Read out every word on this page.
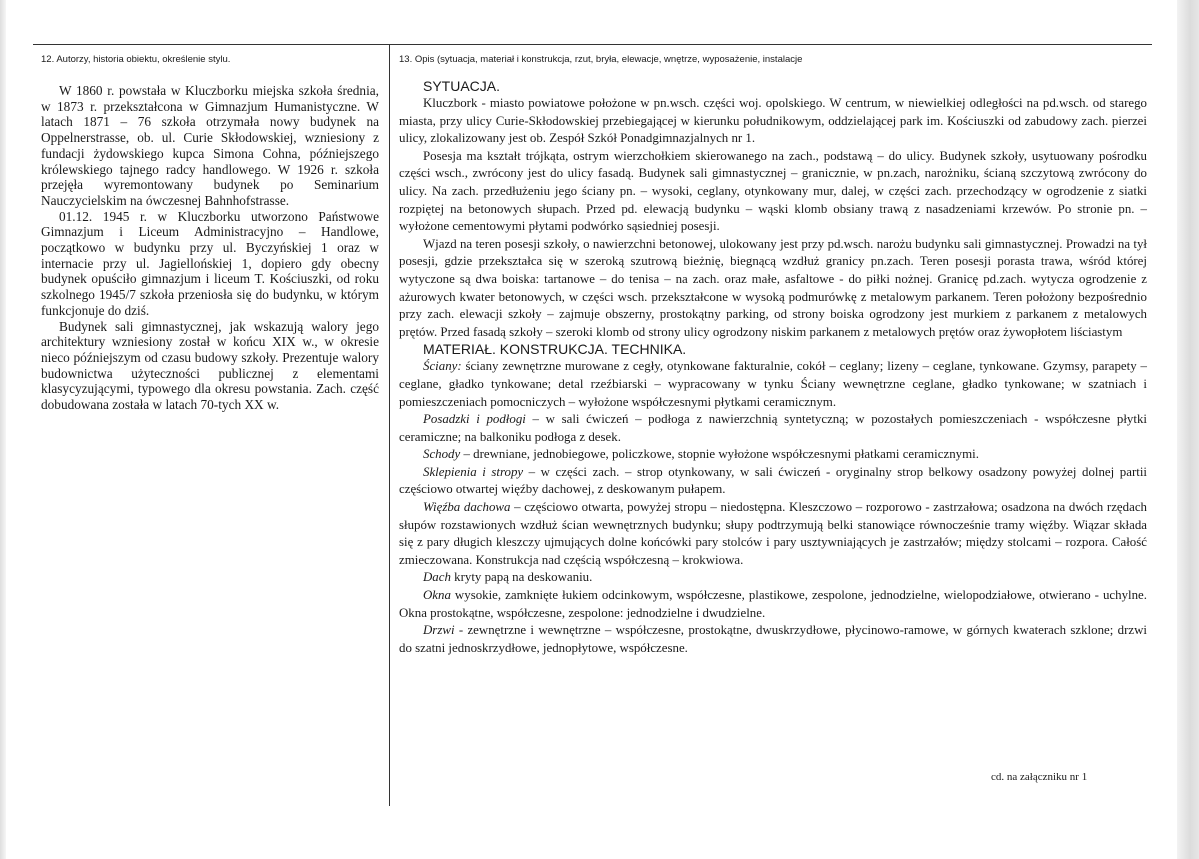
12. Autorzy, historia obiektu, określenie stylu.

W 1860 r. powstała w Kluczborku miejska szkoła średnia, w 1873 r. przekształcona w Gimnazjum Humanistyczne. W latach 1871 – 76 szkoła otrzymała nowy budynek na Oppelnerstrasse, ob. ul. Curie Skłodowskiej, wzniesiony z fundacji żydowskiego kupca Simona Cohna, późniejszego królewskiego tajnego radcy handlowego. W 1926 r. szkoła przejęła wyremontowany budynek po Seminarium Nauczycielskim na ówczesnej Bahnhofstrasse.

01.12. 1945 r. w Kluczborku utworzono Państwowe Gimnazjum i Liceum Administracyjno – Handlowe, początkowo w budynku przy ul. Byczyńskiej 1 oraz w internacie przy ul. Jagiellońskiej 1, dopiero gdy obecny budynek opuściło gimnazjum i liceum T. Kościuszki, od roku szkolnego 1945/7 szkoła przeniosła się do budynku, w którym funkcjonuje do dziś.

Budynek sali gimnastycznej, jak wskazują walory jego architektury wzniesiony został w końcu XIX w., w okresie nieco późniejszym od czasu budowy szkoły. Prezentuje walory budownictwa użyteczności publicznej z elementami klasycyzującymi, typowego dla okresu powstania. Zach. część dobudowana została w latach 70-tych XX w.

13. Opis (sytuacja, materiał i konstrukcja, rzut, bryła, elewacje, wnętrze, wyposażenie, instalacje

SYTUACJA.

Kluczbork - miasto powiatowe położone w pn.wsch. części woj. opolskiego. W centrum, w niewielkiej odległości na pd.wsch. od starego miasta, przy ulicy Curie-Skłodowskiej przebiegającej w kierunku południkowym, oddzielającej park im. Kościuszki od zabudowy zach. pierzei ulicy, zlokalizowany jest ob. Zespół Szkół Ponadgimnazjalnych nr 1.

Posesja ma kształt trójkąta, ostrym wierzchołkiem skierowanego na zach., podstawą – do ulicy. Budynek szkoły, usytuowany pośrodku części wsch., zwrócony jest do ulicy fasadą. Budynek sali gimnastycznej – granicznie, w pn.zach, narożniku, ścianą szczytową zwrócony do ulicy. Na zach. przedłużeniu jego ściany pn. – wysoki, ceglany, otynkowany mur, dalej, w części zach. przechodzący w ogrodzenie z siatki rozpiętej na betonowych słupach. Przed pd. elewacją budynku – wąski klomb obsiany trawą z nasadzeniami krzewów. Po stronie pn. – wyłożone cementowymi płytami podwórko sąsiedniej posesji.

Wjazd na teren posesji szkoły, o nawierzchni betonowej, ulokowany jest przy pd.wsch. narożu budynku sali gimnastycznej. Prowadzi na tył posesji, gdzie przekształca się w szeroką szutrową bieżnię, biegnącą wzdłuż granicy pn.zach. Teren posesji porasta trawa, wśród której wytyczone są dwa boiska: tartanowe – do tenisa – na zach. oraz małe, asfaltowe - do piłki nożnej. Granicę pd.zach. wytycza ogrodzenie z ażurowych kwater betonowych, w części wsch. przekształcone w wysoką podmurówkę z metalowym parkanem. Teren położony bezpośrednio przy zach. elewacji szkoły – zajmuje obszerny, prostokątny parking, od strony boiska ogrodzony jest murkiem z parkanem z metalowych prętów. Przed fasadą szkoły – szeroki klomb od strony ulicy ogrodzony niskim parkanem z metalowych prętów oraz żywopłotem liściastym

MATERIAŁ. KONSTRUKCJA. TECHNIKA.

Ściany: ściany zewnętrzne murowane z cegły, otynkowane fakturalnie, cokół – ceglany; lizeny – ceglane, tynkowane. Gzymsy, parapety – ceglane, gładko tynkowane; detal rzeźbiarski – wypracowany w tynku Ściany wewnętrzne ceglane, gładko tynkowane; w szatniach i pomieszczeniach pomocniczych – wyłożone współczesnymi płytkami ceramicznym.

Posadzki i podłogi – w sali ćwiczeń – podłoga z nawierzchnią syntetyczną; w pozostałych pomieszczeniach - współczesne płytki ceramiczne; na balkoniku podłoga z desek.

Schody – drewniane, jednobiegowe, policzkowe, stopnie wyłożone współczesnymi płatkami ceramicznymi.

Sklepienia i stropy – w części zach. – strop otynkowany, w sali ćwiczeń - oryginalny strop belkowy osadzony powyżej dolnej partii częściowo otwartej więźby dachowej, z deskowanym pułapem.

Więźba dachowa – częściowo otwarta, powyżej stropu – niedostępna. Kleszczowo – rozporowo - zastrzałowa; osadzona na dwóch rzędach słupów rozstawionych wzdłuż ścian wewnętrznych budynku; słupy podtrzymują belki stanowiące równocześnie tramy więźby. Wiązar składa się z pary długich kleszczy ujmujących dolne końcówki pary stolców i pary usztywniających je zastrzałów; między stolcami – rozpora. Całość zmieczowana. Konstrukcja nad częścią współczesną – krokwiowa.

Dach kryty papą na deskowaniu.

Okna wysokie, zamknięte łukiem odcinkowym, współczesne, plastikowe, zespolone, jednodzielne, wielopodziałowe, otwierano - uchylne. Okna prostokątne, współczesne, zespolone: jednodzielne i dwudzielne.

Drzwi - zewnętrzne i wewnętrzne – współczesne, prostokątne, dwuskrzydłowe, płycinowo-ramowe, w górnych kwaterach szklone; drzwi do szatni jednoskrzydłowe, jednopłytowe, współczesne.

cd. na załączniku nr 1
